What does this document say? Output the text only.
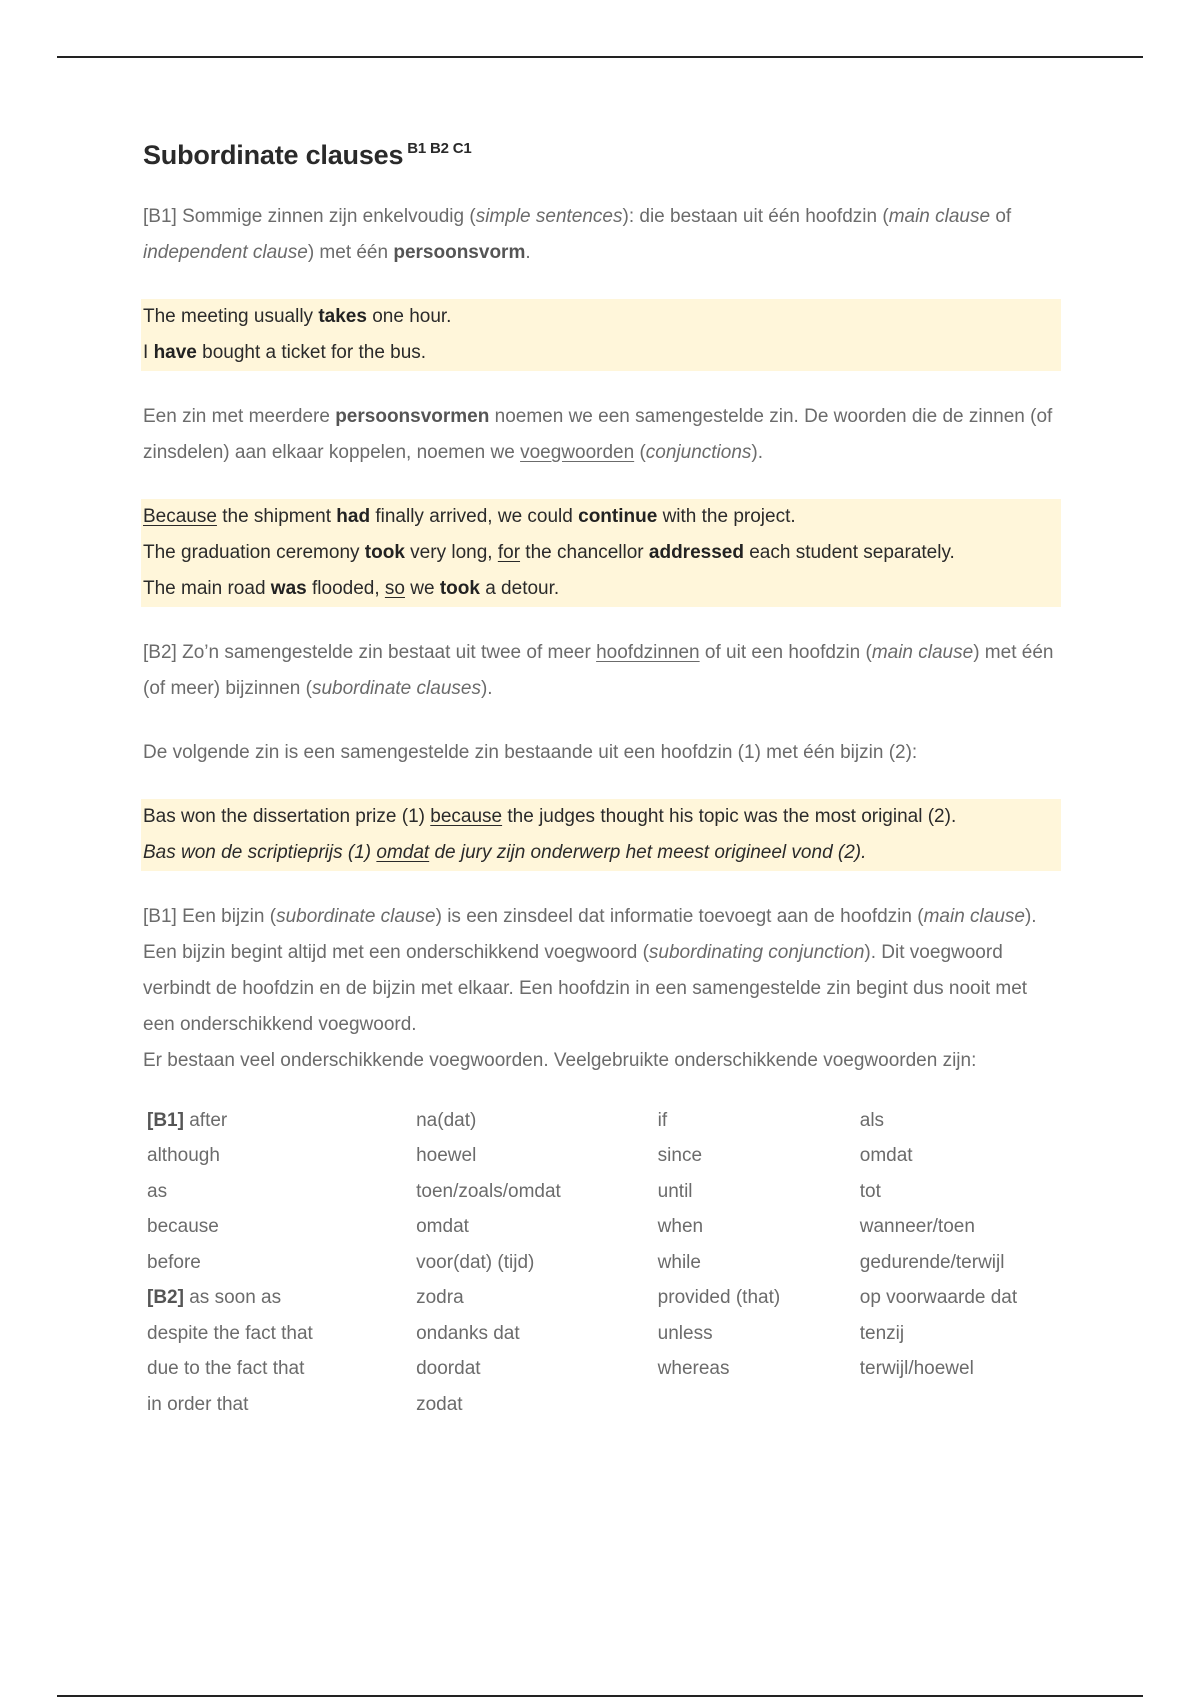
Subordinate clauses $^{B1 B2 C1}$

[B1] Sommige zinnen zijn enkelvoudig (simple sentences): die bestaan uit één hoofdzin (main clause of independent clause) met één persoonsvorm.

The meeting usually takes one hour.
I have bought a ticket for the bus.

Een zin met meerdere persoonsvormen noemen we een samengestelde zin. De woorden die de zinnen (of zinsdelen) aan elkaar koppelen, noemen we voegwoorden (conjunctions).

Because the shipment had finally arrived, we could continue with the project.
The graduation ceremony took very long, for the chancellor addressed each student separately.
The main road was flooded, so we took a detour.

[B2] Zo’n samengestelde zin bestaat uit twee of meer hoofdzinnen of uit een hoofdzin (main clause) met één (of meer) bijzinnen (subordinate clauses).

De volgende zin is een samengestelde zin bestaande uit een hoofdzin (1) met één bijzin (2):

Bas won the dissertation prize (1) because the judges thought his topic was the most original (2).
Bas won de scriptieprijs (1) omdat de jury zijn onderwerp het meest origineel vond (2).

[B1] Een bijzin (subordinate clause) is een zinsdeel dat informatie toevoegt aan de hoofdzin (main clause). Een bijzin begint altijd met een onderschikkend voegwoord (subordinating conjunction). Dit voegwoord verbindt de hoofdzin en de bijzin met elkaar. Een hoofdzin in een samengestelde zin begint dus nooit met een onderschikkend voegwoord.
Er bestaan veel onderschikkende voegwoorden. Veelgebruikte onderschikkende voegwoorden zijn:

[B1] after	na(dat)	if	als
although	hoewel	since	omdat
as	toen/zoals/omdat	until	tot
because	omdat	when	wanneer/toen
before	voor(dat) (tijd)	while	gedurende/terwijl
[B2] as soon as	zodra	provided (that)	op voorwaarde dat
despite the fact that	ondanks dat	unless	tenzij
due to the fact that	doordat	whereas	terwijl/hoewel
in order that	zodat		
